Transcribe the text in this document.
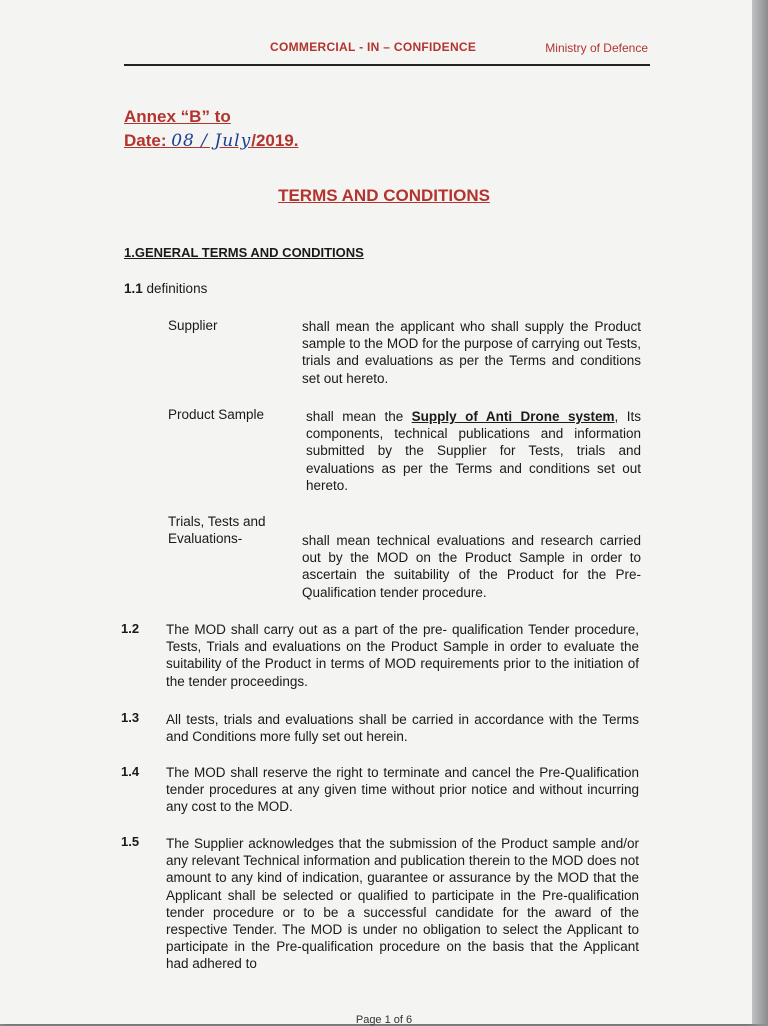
COMMERCIAL - IN – CONFIDENCE	Ministry of Defence
Annex “B” to
Date: 08 / July/2019.
TERMS AND CONDITIONS
1.GENERAL TERMS AND CONDITIONS
1.1 definitions
Supplier	shall mean the applicant who shall supply the Product sample to the MOD for the purpose of carrying out Tests, trials and evaluations as per the Terms and conditions set out hereto.
Product Sample	shall mean the Supply of Anti Drone system, Its components, technical publications and information submitted by the Supplier for Tests, trials and evaluations as per the Terms and conditions set out hereto.
Trials, Tests and
Evaluations-	shall mean technical evaluations and research carried out by the MOD on the Product Sample in order to ascertain the suitability of the Product for the Pre-Qualification tender procedure.
1.2 The MOD shall carry out as a part of the pre- qualification Tender procedure, Tests, Trials and evaluations on the Product Sample in order to evaluate the suitability of the Product in terms of MOD requirements prior to the initiation of the tender proceedings.
1.3 All tests, trials and evaluations shall be carried in accordance with the Terms and Conditions more fully set out herein.
1.4 The MOD shall reserve the right to terminate and cancel the Pre-Qualification tender procedures at any given time without prior notice and without incurring any cost to the MOD.
1.5 The Supplier acknowledges that the submission of the Product sample and/or any relevant Technical information and publication therein to the MOD does not amount to any kind of indication, guarantee or assurance by the MOD that the Applicant shall be selected or qualified to participate in the Pre-qualification tender procedure or to be a successful candidate for the award of the respective Tender. The MOD is under no obligation to select the Applicant to participate in the Pre-qualification procedure on the basis that the Applicant had adhered to
Page 1 of 6
